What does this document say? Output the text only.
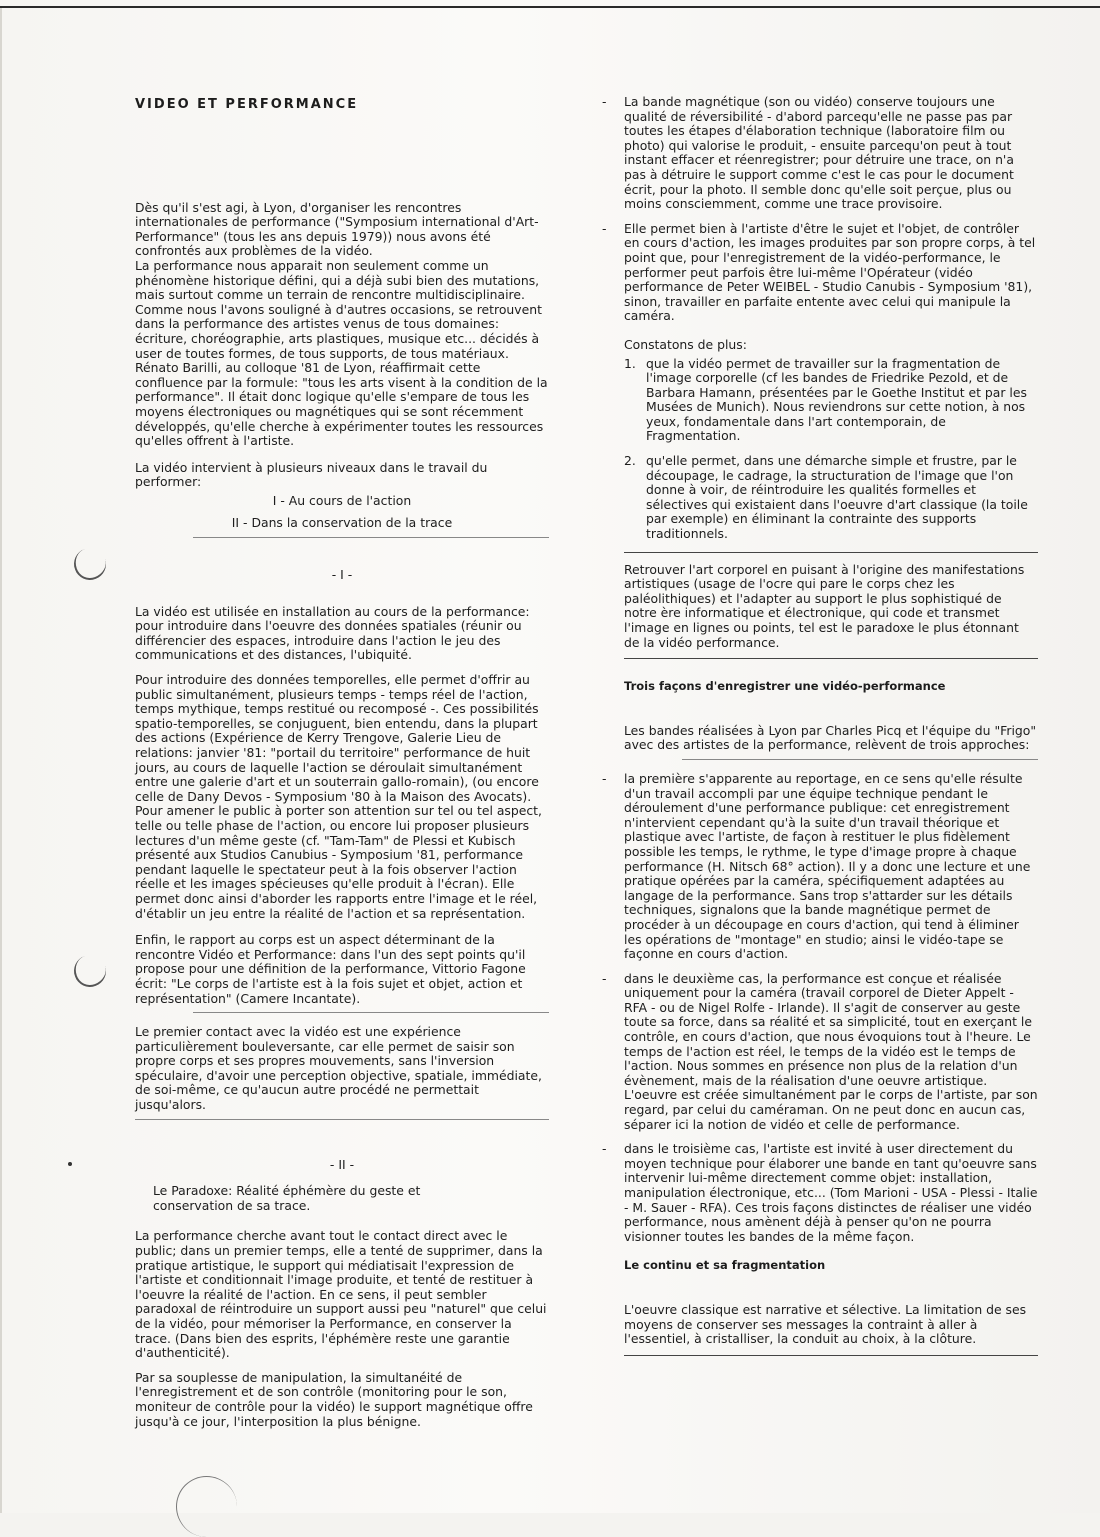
VIDEO ET PERFORMANCE

Dès qu'il s'est agi, à Lyon, d'organiser les rencontres internationales de performance ("Symposium international d'Art-Performance" (tous les ans depuis 1979)) nous avons été confrontés aux problèmes de la vidéo.

La performance nous apparait non seulement comme un phénomène historique défini, qui a déjà subi bien des mutations, mais surtout comme un terrain de rencontre multidisciplinaire. Comme nous l'avons souligné à d'autres occasions, se retrouvent dans la performance des artistes venus de tous domaines: écriture, choréographie, arts plastiques, musique etc... décidés à user de toutes formes, de tous supports, de tous matériaux. Rénato Barilli, au colloque '81 de Lyon, réaffirmait cette confluence par la formule: "tous les arts visent à la condition de la performance". Il était donc logique qu'elle s'empare de tous les moyens électroniques ou magnétiques qui se sont récemment développés, qu'elle cherche à expérimenter toutes les ressources qu'elles offrent à l'artiste.

La vidéo intervient à plusieurs niveaux dans le travail du performer:

I - Au cours de l'action

II - Dans la conservation de la trace

- I -

La vidéo est utilisée en installation au cours de la performance: pour introduire dans l'oeuvre des données spatiales (réunir ou différencier des espaces, introduire dans l'action le jeu des communications et des distances, l'ubiquité.

Pour introduire des données temporelles, elle permet d'offrir au public simultanément, plusieurs temps - temps réel de l'action, temps mythique, temps restitué ou recomposé -. Ces possibilités spatio-temporelles, se conjuguent, bien entendu, dans la plupart des actions (Expérience de Kerry Trengove, Galerie Lieu de relations: janvier '81: "portail du territoire" performance de huit jours, au cours de laquelle l'action se déroulait simultanément entre une galerie d'art et un souterrain gallo-romain), (ou encore celle de Dany Devos - Symposium '80 à la Maison des Avocats).

Pour amener le public à porter son attention sur tel ou tel aspect, telle ou telle phase de l'action, ou encore lui proposer plusieurs lectures d'un même geste (cf. "Tam-Tam" de Plessi et Kubisch présenté aux Studios Canubius - Symposium '81, performance pendant laquelle le spectateur peut à la fois observer l'action réelle et les images spécieuses qu'elle produit à l'écran). Elle permet donc ainsi d'aborder les rapports entre l'image et le réel, d'établir un jeu entre la réalité de l'action et sa représentation.

Enfin, le rapport au corps est un aspect déterminant de la rencontre Vidéo et Performance: dans l'un des sept points qu'il propose pour une définition de la performance, Vittorio Fagone écrit: "Le corps de l'artiste est à la fois sujet et objet, action et représentation" (Camere Incantate).

Le premier contact avec la vidéo est une expérience particulièrement bouleversante, car elle permet de saisir son propre corps et ses propres mouvements, sans l'inversion spéculaire, d'avoir une perception objective, spatiale, immédiate, de soi-même, ce qu'aucun autre procédé ne permettait jusqu'alors.

- II -

Le Paradoxe: Réalité éphémère du geste et conservation de sa trace.

La performance cherche avant tout le contact direct avec le public; dans un premier temps, elle a tenté de supprimer, dans la pratique artistique, le support qui médiatisait l'expression de l'artiste et conditionnait l'image produite, et tenté de restituer à l'oeuvre la réalité de l'action. En ce sens, il peut sembler paradoxal de réintroduire un support aussi peu "naturel" que celui de la vidéo, pour mémoriser la Performance, en conserver la trace. (Dans bien des esprits, l'éphémère reste une garantie d'authenticité).

Par sa souplesse de manipulation, la simultanéité de l'enregistrement et de son contrôle (monitoring pour le son, moniteur de contrôle pour la vidéo) le support magnétique offre jusqu'à ce jour, l'interposition la plus bénigne.

-	La bande magnétique (son ou vidéo) conserve toujours une qualité de réversibilité - d'abord parcequ'elle ne passe pas par toutes les étapes d'élaboration technique (laboratoire film ou photo) qui valorise le produit, - ensuite parcequ'on peut à tout instant effacer et réenregistrer; pour détruire une trace, on n'a pas à détruire le support comme c'est le cas pour le document écrit, pour la photo. Il semble donc qu'elle soit perçue, plus ou moins consciemment, comme une trace provisoire.
-	Elle permet bien à l'artiste d'être le sujet et l'objet, de contrôler en cours d'action, les images produites par son propre corps, à tel point que, pour l'enregistrement de la vidéo-performance, le performer peut parfois être lui-même l'Opérateur (vidéo performance de Peter WEIBEL - Studio Canubis - Symposium '81), sinon, travailler en parfaite entente avec celui qui manipule la caméra.

Constatons de plus:

1. que la vidéo permet de travailler sur la fragmentation de l'image corporelle (cf les bandes de Friedrike Pezold, et de Barbara Hamann, présentées par le Goethe Institut et par les Musées de Munich). Nous reviendrons sur cette notion, à nos yeux, fondamentale dans l'art contemporain, de Fragmentation.
2. qu'elle permet, dans une démarche simple et frustre, par le découpage, le cadrage, la structuration de l'image que l'on donne à voir, de réintroduire les qualités formelles et sélectives qui existaient dans l'oeuvre d'art classique (la toile par exemple) en éliminant la contrainte des supports traditionnels.

Retrouver l'art corporel en puisant à l'origine des manifestations artistiques (usage de l'ocre qui pare le corps chez les paléolithiques) et l'adapter au support le plus sophistiqué de notre ère informatique et électronique, qui code et transmet l'image en lignes ou points, tel est le paradoxe le plus étonnant de la vidéo performance.

Trois façons d'enregistrer une vidéo-performance

Les bandes réalisées à Lyon par Charles Picq et l'équipe du "Frigo" avec des artistes de la performance, relèvent de trois approches:

-	la première s'apparente au reportage, en ce sens qu'elle résulte d'un travail accompli par une équipe technique pendant le déroulement d'une performance publique: cet enregistrement n'intervient cependant qu'à la suite d'un travail théorique et plastique avec l'artiste, de façon à restituer le plus fidèlement possible les temps, le rythme, le type d'image propre à chaque performance (H. Nitsch 68° action). Il y a donc une lecture et une pratique opérées par la caméra, spécifiquement adaptées au langage de la performance. Sans trop s'attarder sur les détails techniques, signalons que la bande magnétique permet de procéder à un découpage en cours d'action, qui tend à éliminer les opérations de "montage" en studio; ainsi le vidéo-tape se façonne en cours d'action.
-	dans le deuxième cas, la performance est conçue et réalisée uniquement pour la caméra (travail corporel de Dieter Appelt - RFA - ou de Nigel Rolfe - Irlande). Il s'agit de conserver au geste toute sa force, dans sa réalité et sa simplicité, tout en exerçant le contrôle, en cours d'action, que nous évoquions tout à l'heure. Le temps de l'action est réel, le temps de la vidéo est le temps de l'action. Nous sommes en présence non plus de la relation d'un évènement, mais de la réalisation d'une oeuvre artistique. L'oeuvre est créée simultanément par le corps de l'artiste, par son regard, par celui du caméraman. On ne peut donc en aucun cas, séparer ici la notion de vidéo et celle de performance.
-	dans le troisième cas, l'artiste est invité à user directement du moyen technique pour élaborer une bande en tant qu'oeuvre sans intervenir lui-même directement comme objet: installation, manipulation électronique, etc... (Tom Marioni - USA - Plessi - Italie - M. Sauer - RFA). Ces trois façons distinctes de réaliser une vidéo performance, nous amènent déjà à penser qu'on ne pourra visionner toutes les bandes de la même façon.

Le continu et sa fragmentation

L'oeuvre classique est narrative et sélective. La limitation de ses moyens de conserver ses messages la contraint à aller à l'essentiel, à cristalliser, la conduit au choix, à la clôture.
